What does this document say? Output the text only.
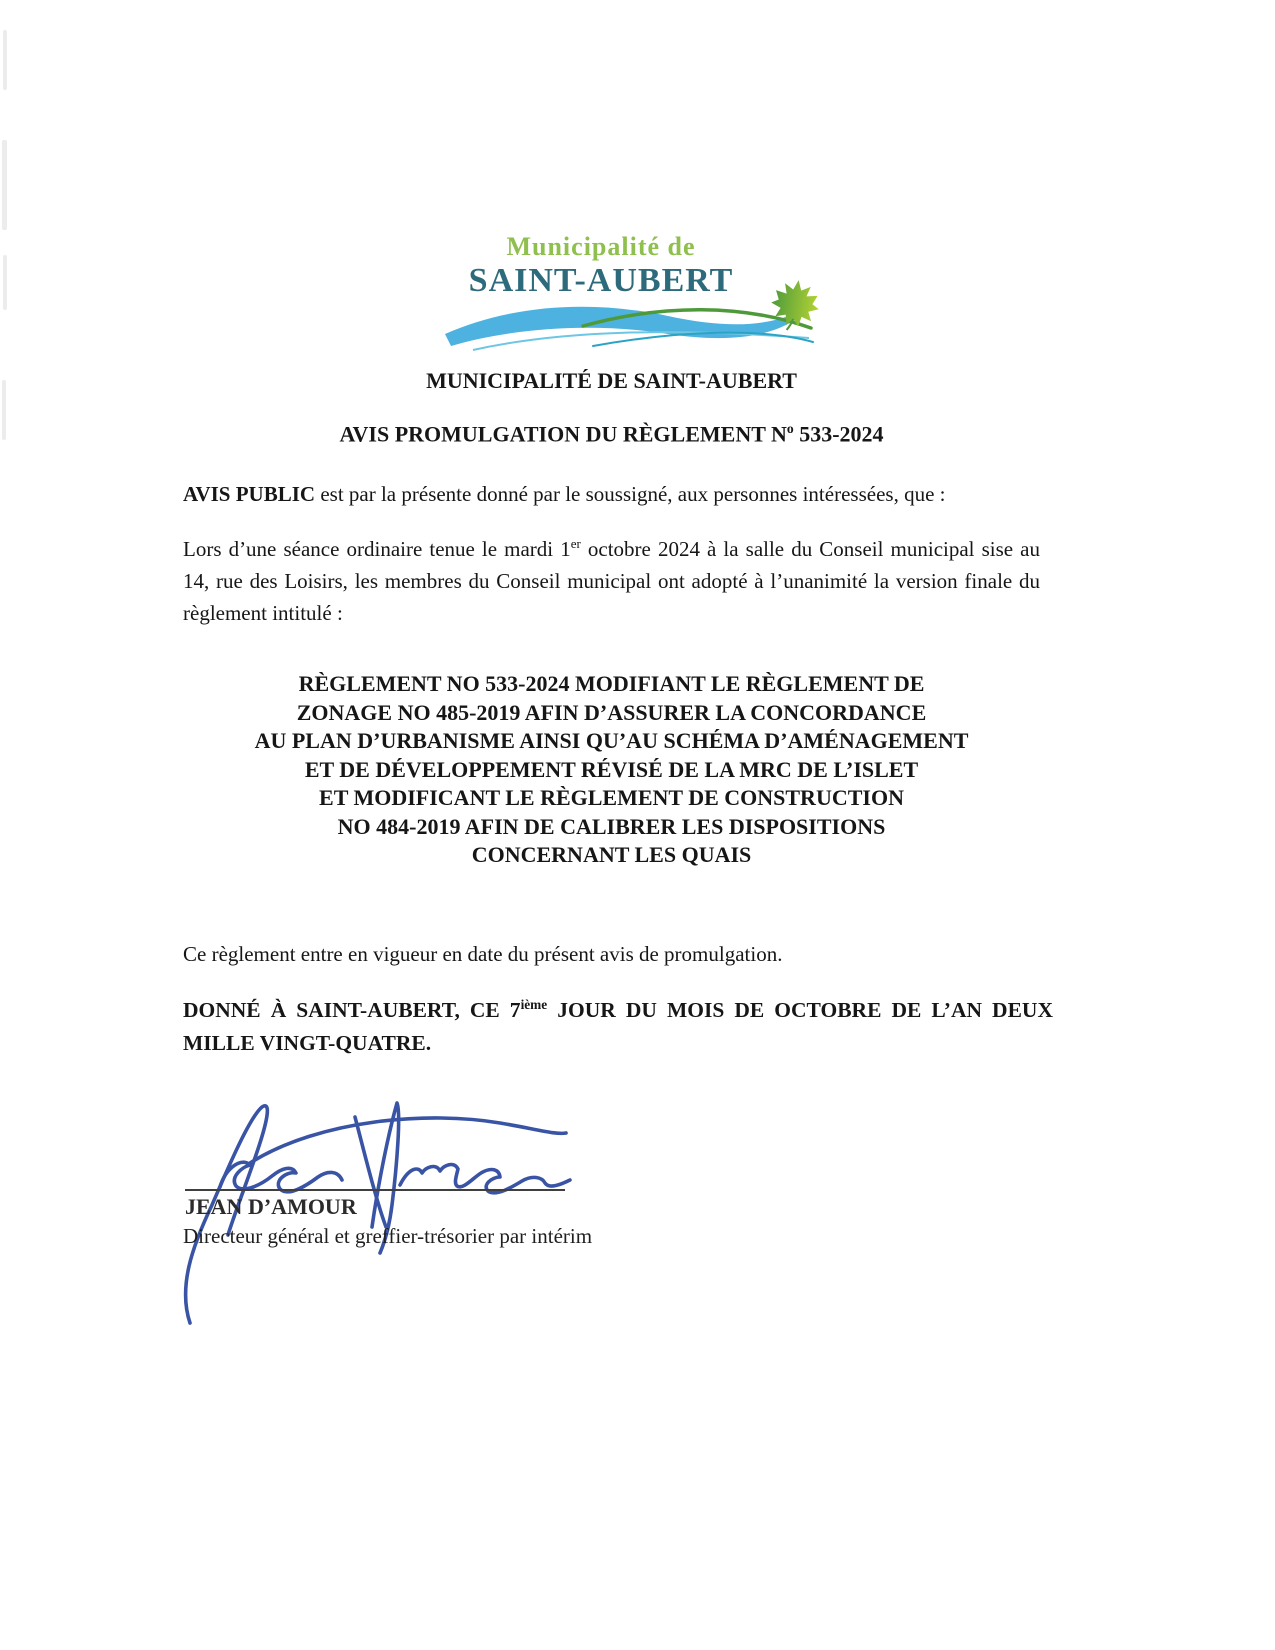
Municipalité de
SAINT-AUBERT
MUNICIPALITÉ DE SAINT-AUBERT
AVIS PROMULGATION DU RÈGLEMENT $N^o$ 533-2024
AVIS PUBLIC est par la présente donné par le soussigné, aux personnes intéressées, que :
Lors d’une séance ordinaire tenue le mardi 1er octobre 2024 à la salle du Conseil municipal sise au 14, rue des Loisirs, les membres du Conseil municipal ont adopté à l’unanimité la version finale du règlement intitulé :
RÈGLEMENT NO 533-2024 MODIFIANT LE RÈGLEMENT DE
ZONAGE NO 485-2019 AFIN D’ASSURER LA CONCORDANCE
AU PLAN D’URBANISME AINSI QU’AU SCHÉMA D’AMÉNAGEMENT
ET DE DÉVELOPPEMENT RÉVISÉ DE LA MRC DE L’ISLET
ET MODIFICANT LE RÈGLEMENT DE CONSTRUCTION
NO 484-2019 AFIN DE CALIBRER LES DISPOSITIONS
CONCERNANT LES QUAIS
Ce règlement entre en vigueur en date du présent avis de promulgation.
DONNÉ À SAINT-AUBERT, CE 7ième JOUR DU MOIS DE OCTOBRE DE L’AN DEUX MILLE VINGT-QUATRE.
JEAN D’AMOUR
Directeur général et greffier-trésorier par intérim
